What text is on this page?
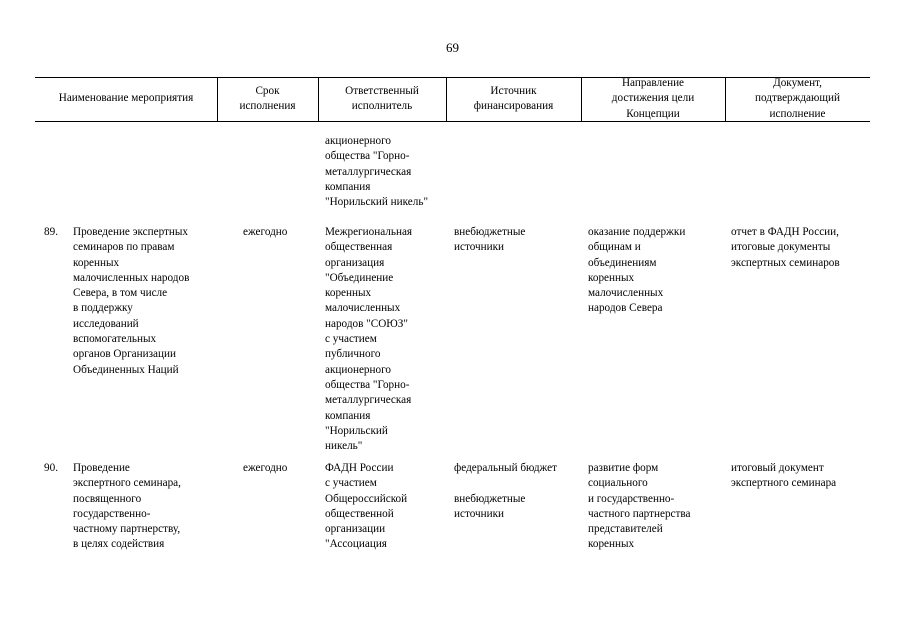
69
Наименование мероприятия
Срок
исполнения
Ответственный
исполнитель
Источник
финансирования
Направление
достижения цели
Концепции
Документ,
подтверждающий
исполнение
акционерного
общества "Горно-
металлургическая
компания
"Норильский никель"
89. Проведение экспертных
семинаров по правам
коренных
малочисленных народов
Севера, в том числе
в поддержку
исследований
вспомогательных
органов Организации
Объединенных Наций
ежегодно	Межрегиональная
общественная
организация
"Объединение
коренных
малочисленных
народов "СОЮЗ"
с участием
публичного
акционерного
общества "Горно-
металлургическая
компания
"Норильский
никель"
внебюджетные
источники
оказание поддержки
общинам и
объединениям
коренных
малочисленных
народов Севера
отчет в ФАДН России,
итоговые документы
экспертных семинаров
90. Проведение
экспертного семинара,
посвященного
государственно-
частному партнерству,
в целях содействия
ежегодно	ФАДН России
с участием
Общероссийской
общественной
организации
"Ассоциация
федеральный бюджет

внебюджетные
источники
развитие форм
социального
и государственно-
частного партнерства
представителей
коренных
итоговый документ
экспертного семинара
